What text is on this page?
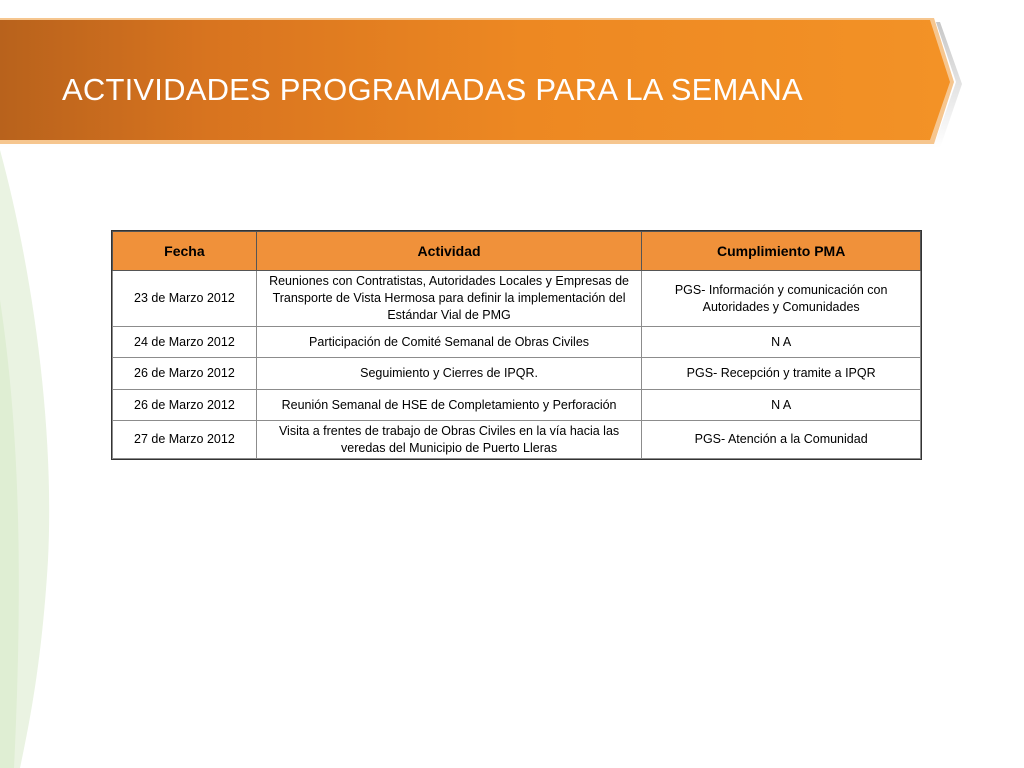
ACTIVIDADES PROGRAMADAS PARA LA SEMANA
Fecha	Actividad	Cumplimiento PMA
23 de Marzo 2012	Reuniones con Contratistas, Autoridades Locales y Empresas de Transporte de Vista Hermosa para definir la implementación del Estándar Vial de PMG	PGS- Información y comunicación con Autoridades y Comunidades
24 de Marzo 2012	Participación de Comité Semanal de Obras Civiles	N A
26 de Marzo 2012	Seguimiento y Cierres de IPQR.	PGS- Recepción y tramite a IPQR
26 de Marzo 2012	Reunión Semanal de HSE de Completamiento y Perforación	N A
27 de Marzo 2012	Visita a frentes de trabajo de Obras Civiles en la vía hacia las veredas del Municipio de Puerto Lleras	PGS- Atención a la Comunidad
